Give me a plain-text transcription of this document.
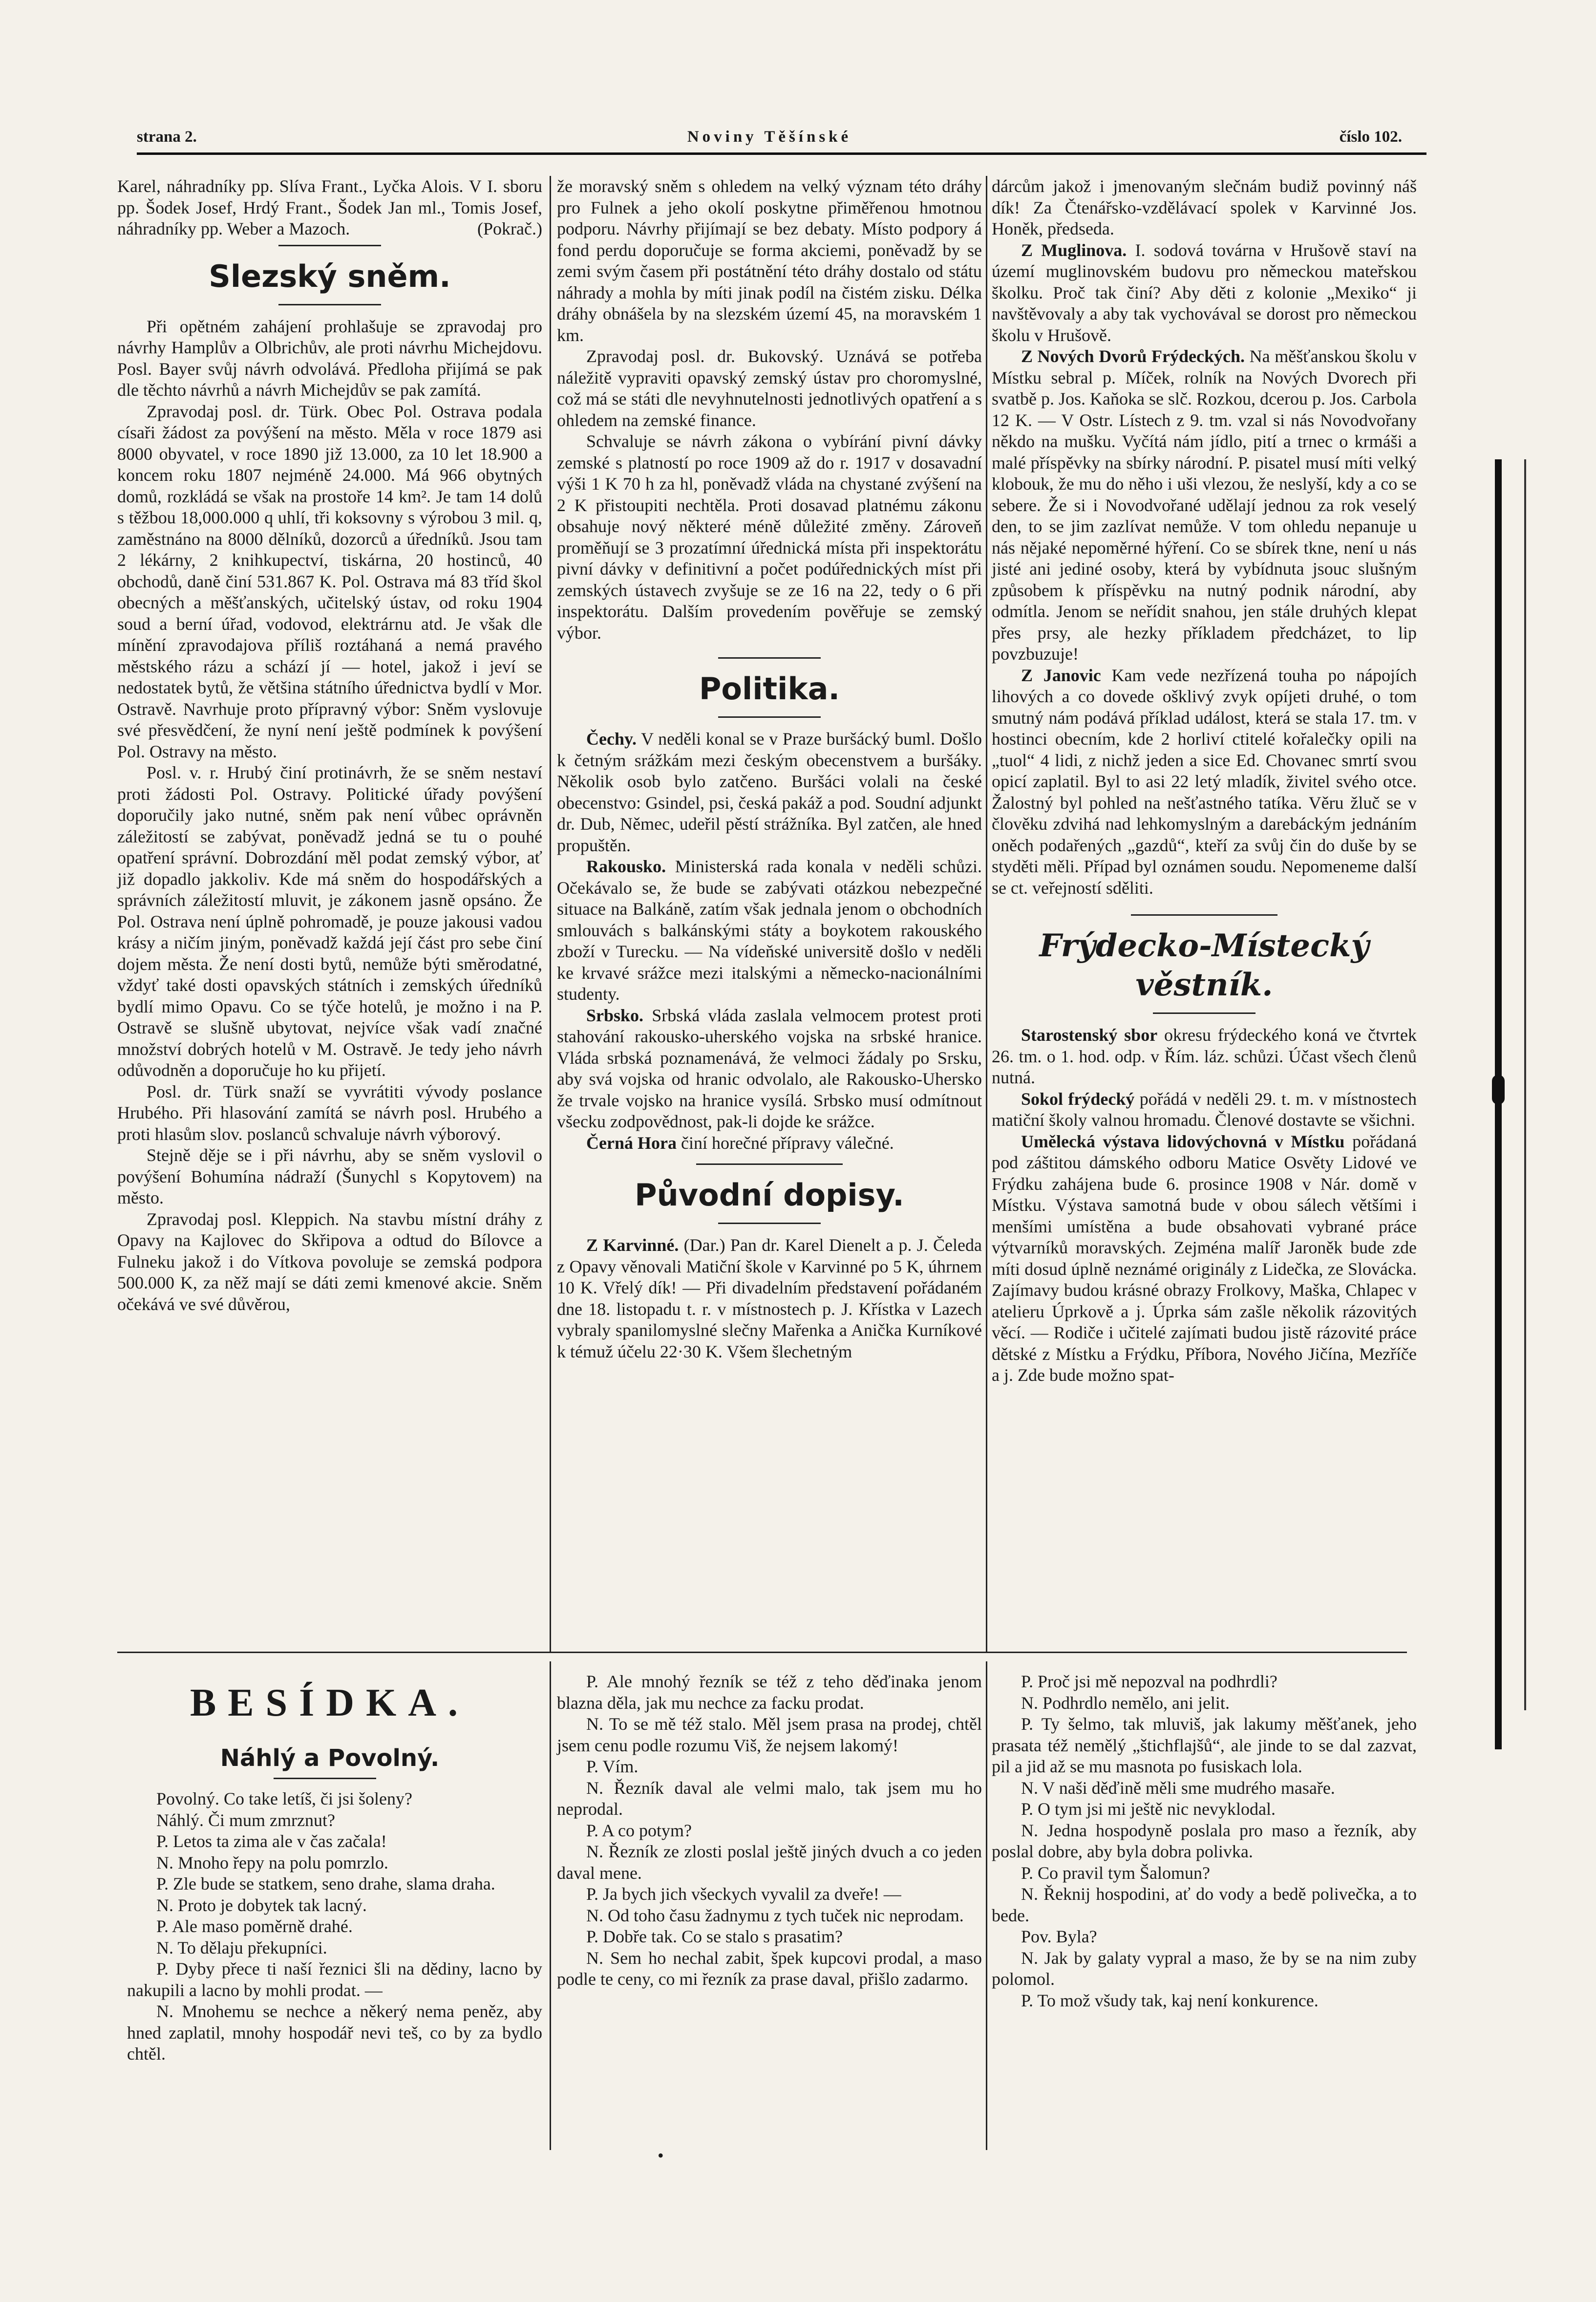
strana 2.	Noviny Těšínské	číslo 102.

Karel, náhradníky pp. Slíva Frant., Lyčka Alois. V I. sboru pp. Šodek Josef, Hrdý Frant., Šodek Jan ml., Tomis Josef, náhradníky pp. Weber a Mazoch.	(Pokrač.)

Slezský sněm.

Při opětném zahájení prohlašuje se zpravodaj pro návrhy Hamplův a Olbrichův, ale proti návrhu Michejdovu. Posl. Bayer svůj návrh odvolává. Předloha přijímá se pak dle těchto návrhů a návrh Michejdův se pak zamítá.

Zpravodaj posl. dr. Türk. Obec Pol. Ostrava podala císaři žádost za povýšení na město. Měla v roce 1879 asi 8000 obyvatel, v roce 1890 již 13.000, za 10 let 18.900 a koncem roku 1807 nejméně 24.000. Má 966 obytných domů, rozkládá se však na prostoře 14 km². Je tam 14 dolů s těžbou 18,000.000 q uhlí, tři koksovny s výrobou 3 mil. q, zaměstnáno na 8000 dělníků, dozorců a úředníků. Jsou tam 2 lékárny, 2 knihkupectví, tiskárna, 20 hostinců, 40 obchodů, daně činí 531.867 K. Pol. Ostrava má 83 tříd škol obecných a měšťanských, učitelský ústav, od roku 1904 soud a berní úřad, vodovod, elektrárnu atd. Je však dle mínění zpravodajova příliš roztáhaná a nemá pravého městského rázu a schází jí — hotel, jakož i jeví se nedostatek bytů, že většina státního úřednictva bydlí v Mor. Ostravě. Navrhuje proto přípravný výbor: Sněm vyslovuje své přesvědčení, že nyní není ještě podmínek k povýšení Pol. Ostravy na město.

Posl. v. r. Hrubý činí protinávrh, že se sněm nestaví proti žádosti Pol. Ostravy. Politické úřady povýšení doporučily jako nutné, sněm pak není vůbec oprávněn záležitostí se zabývat, poněvadž jedná se tu o pouhé opatření správní. Dobrozdání měl podat zemský výbor, ať již dopadlo jakkoliv. Kde má sněm do hospodářských a správních záležitostí mluvit, je zákonem jasně opsáno. Že Pol. Ostrava není úplně pohromadě, je pouze jakousi vadou krásy a ničím jiným, poněvadž každá její část pro sebe činí dojem města. Že není dosti bytů, nemůže býti směrodatné, vždyť také dosti opavských státních i zemských úředníků bydlí mimo Opavu. Co se týče hotelů, je možno i na P. Ostravě se slušně ubytovat, nejvíce však vadí značné množství dobrých hotelů v M. Ostravě. Je tedy jeho návrh odůvodněn a doporučuje ho ku přijetí.

Posl. dr. Türk snaží se vyvrátiti vývody poslance Hrubého. Při hlasování zamítá se návrh posl. Hrubého a proti hlasům slov. poslanců schvaluje návrh výborový.

Stejně děje se i při návrhu, aby se sněm vyslovil o povýšení Bohumína nádraží (Šunychl s Kopytovem) na město.

Zpravodaj posl. Kleppich. Na stavbu místní dráhy z Opavy na Kajlovec do Skřipova a odtud do Bílovce a Fulneku jakož i do Vítkova povoluje se zemská podpora 500.000 K, za něž mají se dáti zemi kmenové akcie. Sněm očekává ve své důvěrou,

že moravský sněm s ohledem na velký význam této dráhy pro Fulnek a jeho okolí poskytne přiměřenou hmotnou podporu. Návrhy přijímají se bez debaty. Místo podpory á fond perdu doporučuje se forma akciemi, poněvadž by se zemi svým časem při postátnění této dráhy dostalo od státu náhrady a mohla by míti jinak podíl na čistém zisku. Délka dráhy obnášela by na slezském území 45, na moravském 1 km.

Zpravodaj posl. dr. Bukovský. Uznává se potřeba náležitě vypraviti opavský zemský ústav pro choromyslné, což má se státi dle nevyhnutelnosti jednotlivých opatření a s ohledem na zemské finance.

Schvaluje se návrh zákona o vybírání pivní dávky zemské s platností po roce 1909 až do r. 1917 v dosavadní výši 1 K 70 h za hl, poněvadž vláda na chystané zvýšení na 2 K přistoupiti nechtěla. Proti dosavad platnému zákonu obsahuje nový některé méně důležité změny. Zároveň proměňují se 3 prozatímní úřednická místa při inspektorátu pivní dávky v definitivní a počet podúřednických míst při zemských ústavech zvyšuje se ze 16 na 22, tedy o 6 při inspektorátu. Dalším provedením pověřuje se zemský výbor.

Politika.

Čechy. V neděli konal se v Praze buršácký buml. Došlo k četným srážkám mezi českým obecenstvem a buršáky. Několik osob bylo zatčeno. Buršáci volali na české obecenstvo: Gsindel, psi, česká pakáž a pod. Soudní adjunkt dr. Dub, Němec, udeřil pěstí strážníka. Byl zatčen, ale hned propuštěn.

Rakousko. Ministerská rada konala v neděli schůzi. Očekávalo se, že bude se zabývati otázkou nebezpečné situace na Balkáně, zatím však jednala jenom o obchodních smlouvách s balkánskými státy a boykotem rakouského zboží v Turecku. — Na vídeňské universitě došlo v neděli ke krvavé srážce mezi italskými a německo-nacionálními studenty.

Srbsko. Srbská vláda zaslala velmocem protest proti stahování rakousko-uherského vojska na srbské hranice. Vláda srbská poznamenává, že velmoci žádaly po Srsku, aby svá vojska od hranic odvolalo, ale Rakousko-Uhersko že trvale vojsko na hranice vysílá. Srbsko musí odmítnout všecku zodpovědnost, pak-li dojde ke srážce.

Černá Hora činí horečné přípravy válečné.

Původní dopisy.

Z Karvinné. (Dar.) Pan dr. Karel Dienelt a p. J. Čeleda z Opavy věnovali Matiční škole v Karvinné po 5 K, úhrnem 10 K. Vřelý dík! — Při divadelním představení pořádaném dne 18. listopadu t. r. v místnostech p. J. Křístka v Lazech vybraly spanilomyslné slečny Mařenka a Anička Kurníkové k témuž účelu 22·30 K. Všem šlechetným

dárcům jakož i jmenovaným slečnám budiž povinný náš dík! Za Čtenářsko-vzdělávací spolek v Karvinné Jos. Honěk, předseda.

Z Muglinova. I. sodová továrna v Hrušově staví na území muglinovském budovu pro německou mateřskou školku. Proč tak činí? Aby děti z kolonie „Mexiko“ ji navštěvovaly a aby tak vychovával se dorost pro německou školu v Hrušově.

Z Nových Dvorů Frýdeckých. Na měšťanskou školu v Místku sebral p. Míček, rolník na Nových Dvorech při svatbě p. Jos. Kaňoka se slč. Rozkou, dcerou p. Jos. Carbola 12 K. — V Ostr. Lístech z 9. tm. vzal si nás Novodvořany někdo na mušku. Vyčítá nám jídlo, pití a trnec o krmáši a malé příspěvky na sbírky národní. P. pisatel musí míti velký klobouk, že mu do něho i uši vlezou, že neslyší, kdy a co se sebere. Že si i Novodvořané udělají jednou za rok veselý den, to se jim zazlívat nemůže. V tom ohledu nepanuje u nás nějaké nepoměrné hýření. Co se sbírek tkne, není u nás jisté ani jediné osoby, která by vybídnuta jsouc slušným způsobem k příspěvku na nutný podnik národní, aby odmítla. Jenom se neřídit snahou, jen stále druhých klepat přes prsy, ale hezky příkladem předcházet, to lip povzbuzuje!

Z Janovic Kam vede nezřízená touha po nápojích lihových a co dovede ošklivý zvyk opíjeti druhé, o tom smutný nám podává příklad událost, která se stala 17. tm. v hostinci obecním, kde 2 horliví ctitelé kořalečky opili na „tuol“ 4 lidi, z nichž jeden a sice Ed. Chovanec smrtí svou opicí zaplatil. Byl to asi 22 letý mladík, živitel svého otce. Žalostný byl pohled na nešťastného tatíka. Věru žluč se v člověku zdvihá nad lehkomyslným a darebáckým jednáním oněch podařených „gazdů“, kteří za svůj čin do duše by se styděti měli. Případ byl oznámen soudu. Nepomeneme další se ct. veřejností sděliti.

Frýdecko-Místecký věstník.

Starostenský sbor okresu frýdeckého koná ve čtvrtek 26. tm. o 1. hod. odp. v Řím. láz. schůzi. Účast všech členů nutná.

Sokol frýdecký pořádá v neděli 29. t. m. v místnostech matiční školy valnou hromadu. Členové dostavte se všichni.

Umělecká výstava lidovýchovná v Místku pořádaná pod záštitou dámského odboru Matice Osvěty Lidové ve Frýdku zahájena bude 6. prosince 1908 v Nár. domě v Místku. Výstava samotná bude v obou sálech většími i menšími umístěna a bude obsahovati vybrané práce výtvarníků moravských. Zejména malíř Jaroněk bude zde míti dosud úplně neznámé originály z Lidečka, ze Slovácka. Zajímavy budou krásné obrazy Frolkovy, Maška, Chlapec v atelieru Úprkově a j. Úprka sám zašle několik rázovitých věcí. — Rodiče i učitelé zajímati budou jistě rázovité práce dětské z Místku a Frýdku, Příbora, Nového Jičína, Mezříče a j. Zde bude možno spat-

BESÍDKA.
Náhlý a Povolný.

Povolný. Co take letíš, či jsi šoleny?

Náhlý. Či mum zmrznut?

P. Letos ta zima ale v čas začala!

N. Mnoho řepy na polu pomrzlo.

P. Zle bude se statkem, seno drahe, slama draha.

N. Proto je dobytek tak lacný.

P. Ale maso poměrně drahé.

N. To dělaju překupníci.

P. Dyby přece ti naší řeznici šli na dědiny, lacno by nakupili a lacno by mohli prodat. —

N. Mnohemu se nechce a někerý nema peněz, aby hned zaplatil, mnohy hospodář nevi teš, co by za bydlo chtěl.

P. Ale mnohý řezník se též z teho děďinaka jenom blazna děla, jak mu nechce za facku prodat.

N. To se mě též stalo. Měl jsem prasa na prodej, chtěl jsem cenu podle rozumu Viš, že nejsem lakomý!

P. Vím.

N. Řezník daval ale velmi malo, tak jsem mu ho neprodal.

P. A co potym?

N. Řezník ze zlosti poslal ještě jiných dvuch a co jeden daval mene.

P. Ja bych jich všeckych vyvalil za dveře! —

N. Od toho času žadnymu z tych tuček nic neprodam.

P. Dobře tak. Co se stalo s prasatim?

N. Sem ho nechal zabit, špek kupcovi prodal, a maso podle te ceny, co mi řezník za prase daval, přišlo zadarmo.

P. Proč jsi mě nepozval na podhrdli?

N. Podhrdlo nemělo, ani jelit.

P. Ty šelmo, tak mluviš, jak lakumy měšťanek, jeho prasata též nemělý „štichflajšů“, ale jinde to se dal zazvat, pil a jid až se mu masnota po fusiskach lola.

N. V naši děďině měli sme mudrého masaře.

P. O tym jsi mi ještě nic nevyklodal.

N. Jedna hospodyně poslala pro maso a řezník, aby poslal dobre, aby byla dobra polivka.

P. Co pravil tym Šalomun?

N. Řeknij hospodini, ať do vody a bedě polivečka, a to bede.

Pov. Byla?

N. Jak by galaty vypral a maso, že by se na nim zuby polomol.

P. To mož všudy tak, kaj není konkurence.

•
